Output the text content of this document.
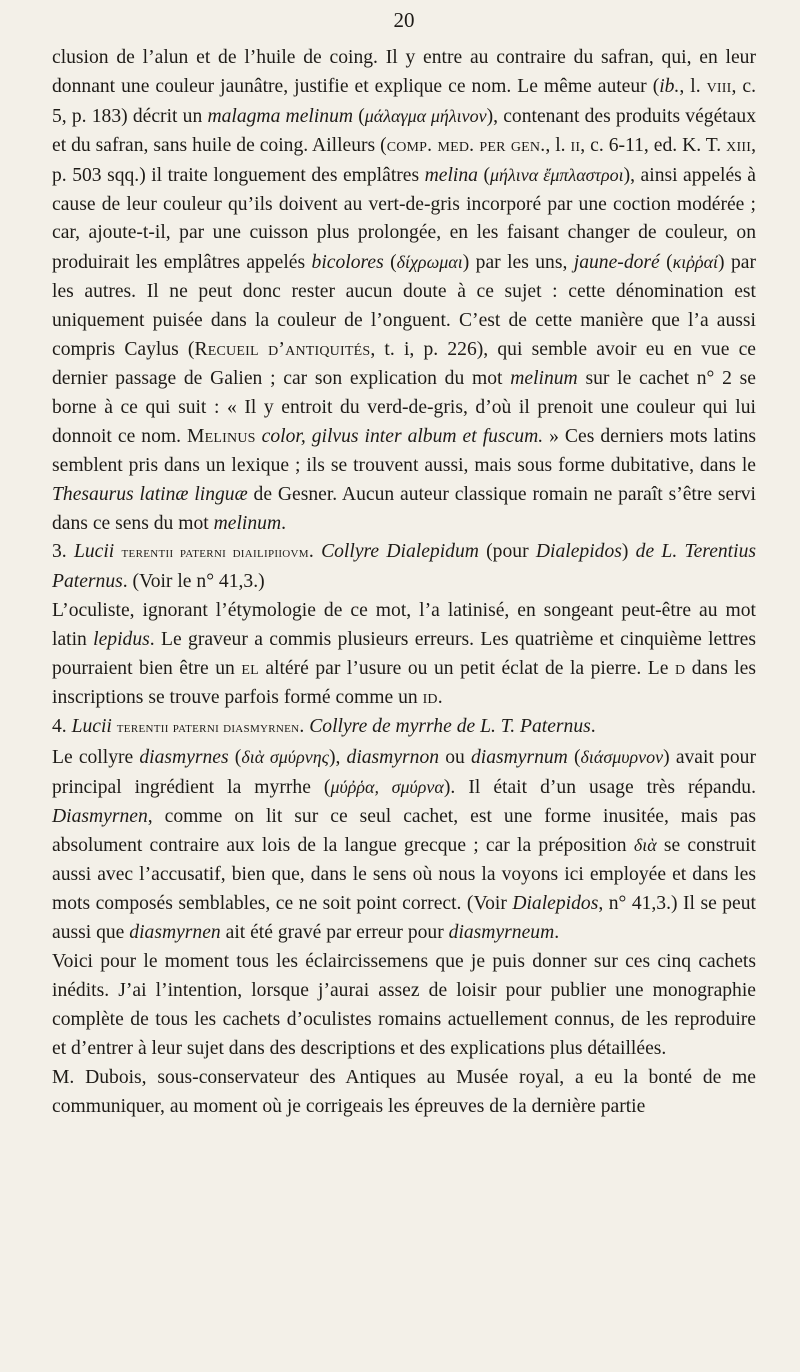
20

clusion de l’alun et de l’huile de coing. Il y entre au contraire du safran, qui, en leur donnant une couleur jaunâtre, justifie et explique ce nom. Le même auteur (ib., l. viii, c. 5, p. 183) décrit un malagma melinum (μάλαγμα μήλινον), contenant des produits végétaux et du safran, sans huile de coing. Ailleurs (comp. med. per gen., l. ii, c. 6-11, ed. K. T. xiii, p. 503 sqq.) il traite longuement des emplâtres melina (μήλινα ἔμπλαστροι), ainsi appelés à cause de leur couleur qu’ils doivent au vert-de-gris incorporé par une coction modérée ; car, ajoute-t-il, par une cuisson plus prolongée, en les faisant changer de couleur, on produirait les emplâtres appelés bicolores (δίχρωμαι) par les uns, jaune-doré (κιῤῥαί) par les autres. Il ne peut donc rester aucun doute à ce sujet : cette dénomination est uniquement puisée dans la couleur de l’onguent. C’est de cette manière que l’a aussi compris Caylus (Recueil d’antiquités, t. i, p. 226), qui semble avoir eu en vue ce dernier passage de Galien ; car son explication du mot melinum sur le cachet n° 2 se borne à ce qui suit : « Il y entroit du verd-de-gris, d’où il prenoit une couleur qui lui donnoit ce nom. Melinus color, gilvus inter album et fuscum. » Ces derniers mots latins semblent pris dans un lexique ; ils se trouvent aussi, mais sous forme dubitative, dans le Thesaurus latinæ linguæ de Gesner. Aucun auteur classique romain ne paraît s’être servi dans ce sens du mot melinum.

3. Lucii terentii paterni diailipiiovm. Collyre Dialepidum (pour Dialepidos) de L. Terentius Paternus. (Voir le n° 41,3.)

L’oculiste, ignorant l’étymologie de ce mot, l’a latinisé, en songeant peut-être au mot latin lepidus. Le graveur a commis plusieurs erreurs. Les quatrième et cinquième lettres pourraient bien être un el altéré par l’usure ou un petit éclat de la pierre. Le d dans les inscriptions se trouve parfois formé comme un id.

4. Lucii terentii paterni diasmyrnen. Collyre de myrrhe de L. T. Paternus.

Le collyre diasmyrnes (διὰ σμύρνης), diasmyrnon ou diasmyrnum (διάσμυρνον) avait pour principal ingrédient la myrrhe (μύῤῥα, σμύρνα). Il était d’un usage très répandu. Diasmyrnen, comme on lit sur ce seul cachet, est une forme inusitée, mais pas absolument contraire aux lois de la langue grecque ; car la préposition διὰ se construit aussi avec l’accusatif, bien que, dans le sens où nous la voyons ici employée et dans les mots composés semblables, ce ne soit point correct. (Voir Dialepidos, n° 41,3.) Il se peut aussi que diasmyrnen ait été gravé par erreur pour diasmyrneum.

Voici pour le moment tous les éclaircissemens que je puis donner sur ces cinq cachets inédits. J’ai l’intention, lorsque j’aurai assez de loisir pour publier une monographie complète de tous les cachets d’oculistes romains actuellement connus, de les reproduire et d’entrer à leur sujet dans des descriptions et des explications plus détaillées.

M. Dubois, sous-conservateur des Antiques au Musée royal, a eu la bonté de me communiquer, au moment où je corrigeais les épreuves de la dernière partie
